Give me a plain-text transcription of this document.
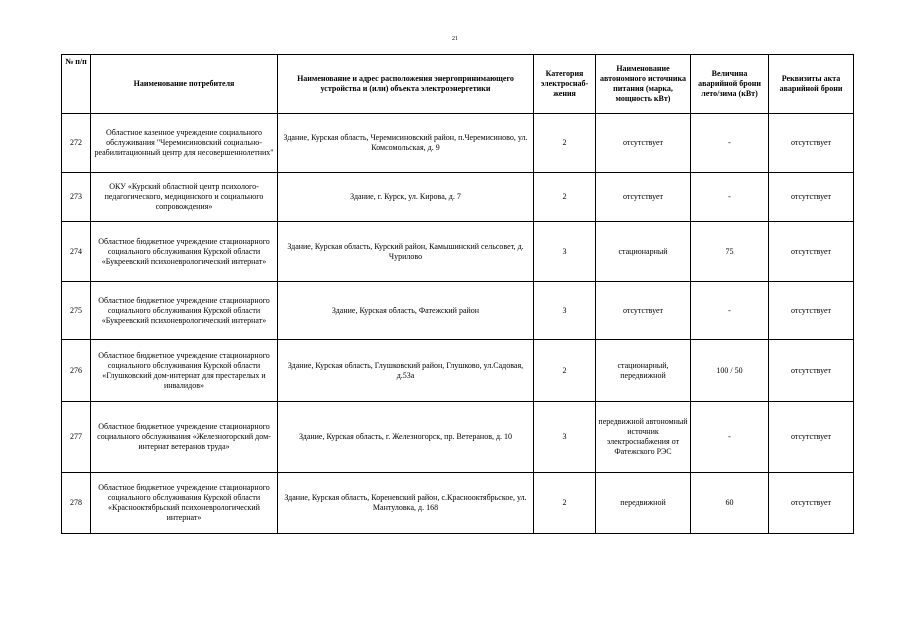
21
№ п/п	Наименование потребителя	Наименование и адрес расположения энергопринимающего устройства и (или) объекта электроэнергетики	Категория электроснаб-жения	Наименование автономного источника питания (марка, мощность кВт)	Величина аварийной брони лето/зима (кВт)	Реквизиты акта аварийной брони
272	Областное казенное учреждение социального обслуживания "Черемисиновский социально-реабилитационный центр для несовершеннолетних"	Здание, Курская область, Черемисиновский район, п.Черемисиново, ул. Комсомольская, д. 9	2	отсутствует	-	отсутствует
273	ОКУ «Курский областной центр психолого- педагогического, медицинского и социального сопровождения»	Здание, г. Курск, ул. Кирова, д. 7	2	отсутствует	-	отсутствует
274	Областное бюджетное учреждение стационарного социального обслуживания Курской области «Букреевский психоневрологический интернат»	Здание, Курская область, Курский район, Камышинский сельсовет, д. Чурилово	3	стационарный	75	отсутствует
275	Областное бюджетное учреждение стационарного социального обслуживания Курской области «Букреевский психоневрологический интернат»	Здание, Курская область, Фатежский район	3	отсутствует	-	отсутствует
276	Областное бюджетное учреждение стационарного социального обслуживания Курской области «Глушковский дом-интернат для престарелых и инвалидов»	Здание, Курская область, Глушковский район, Глушково, ул.Садовая, д.53а	2	стационарный, передвижной	100 / 50	отсутствует
277	Областное бюджетное учреждение стационарного социального обслуживания «Железногорский дом- интернат ветеранов труда»	Здание, Курская область, г. Железногорск, пр. Ветеранов, д. 10	3	передвижной автономный источник электроснабжения от Фатежского РЭС	-	отсутствует
278	Областное бюджетное учреждение стационарного социального обслуживания Курской области «Краснооктябрьский психоневрологический интернат»	Здание, Курская область, Кореневский район, с.Краснооктябрьское, ул. Мантуловка, д. 168	2	передвижной	60	отсутствует
